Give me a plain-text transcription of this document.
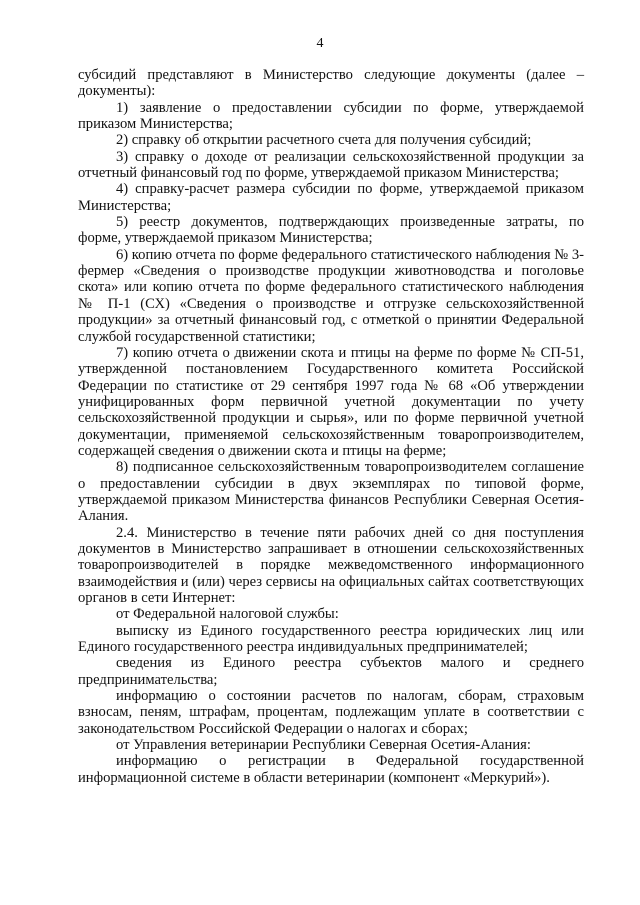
4

субсидий представляют в Министерство следующие документы (далее – документы):

1) заявление о предоставлении субсидии по форме, утверждаемой приказом Министерства;

2) справку об открытии расчетного счета для получения субсидий;

3) справку о доходе от реализации сельскохозяйственной продукции за отчетный финансовый год по форме, утверждаемой приказом Министерства;

4) справку-расчет размера субсидии по форме, утверждаемой приказом Министерства;

5) реестр документов, подтверждающих произведенные затраты, по форме, утверждаемой приказом Министерства;

6) копию отчета по форме федерального статистического наблюдения № 3-фермер «Сведения о производстве продукции животноводства и поголовье скота» или копию отчета по форме федерального статистического наблюдения № П-1 (СХ) «Сведения о производстве и отгрузке сельскохозяйственной продукции» за отчетный финансовый год, с отметкой о принятии Федеральной службой государственной статистики;

7) копию отчета о движении скота и птицы на ферме по форме № СП-51, утвержденной постановлением Государственного комитета Российской Федерации по статистике от 29 сентября 1997 года № 68 «Об утверждении унифицированных форм первичной учетной документации по учету сельскохозяйственной продукции и сырья», или по форме первичной учетной документации, применяемой сельскохозяйственным товаропроизводителем, содержащей сведения о движении скота и птицы на ферме;

8) подписанное сельскохозяйственным товаропроизводителем соглашение о предоставлении субсидии в двух экземплярах по типовой форме, утверждаемой приказом Министерства финансов Республики Северная Осетия-Алания.

2.4. Министерство в течение пяти рабочих дней со дня поступления документов в Министерство запрашивает в отношении сельскохозяйственных товаропроизводителей в порядке межведомственного информационного взаимодействия и (или) через сервисы на официальных сайтах соответствующих органов в сети Интернет:

от Федеральной налоговой службы:

выписку из Единого государственного реестра юридических лиц или Единого государственного реестра индивидуальных предпринимателей;

сведения из Единого реестра субъектов малого и среднего предпринимательства;

информацию о состоянии расчетов по налогам, сборам, страховым взносам, пеням, штрафам, процентам, подлежащим уплате в соответствии с законодательством Российской Федерации о налогах и сборах;

от Управления ветеринарии Республики Северная Осетия-Алания:

информацию о регистрации в Федеральной государственной информационной системе в области ветеринарии (компонент «Меркурий»).
